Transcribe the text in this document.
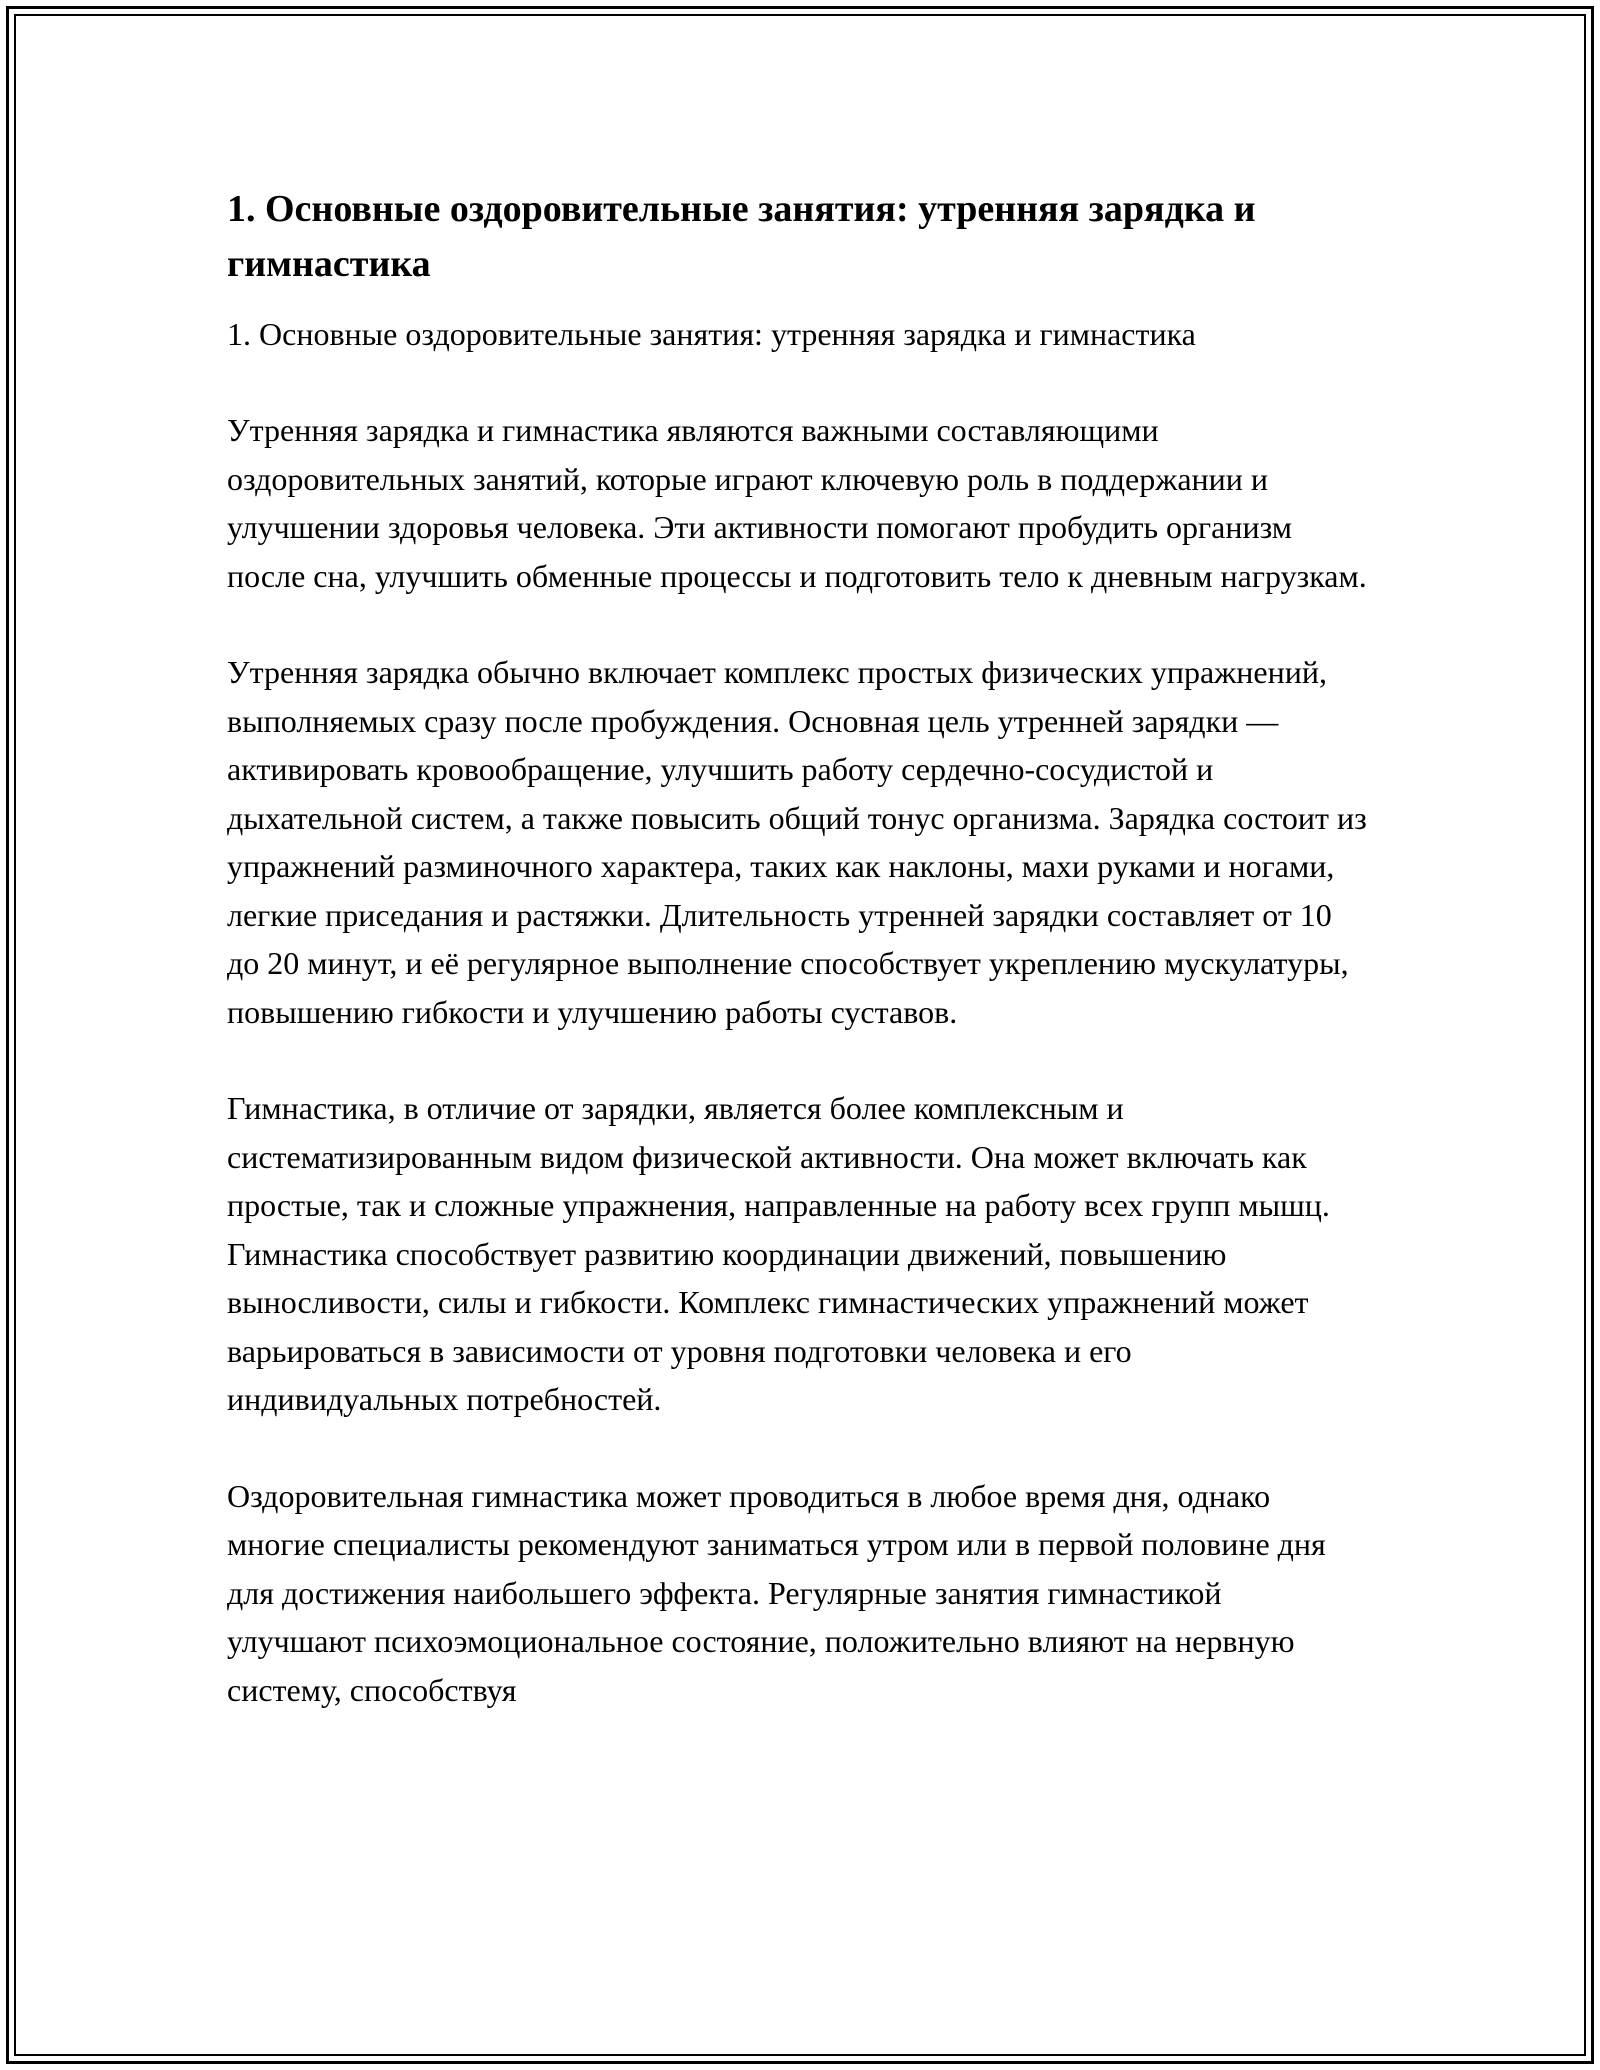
1. Основные оздоровительные занятия: утренняя зарядка и гимнастика

1. Основные оздоровительные занятия: утренняя зарядка и гимнастика

Утренняя зарядка и гимнастика являются важными составляющими оздоровительных занятий, которые играют ключевую роль в поддержании и улучшении здоровья человека. Эти активности помогают пробудить организм после сна, улучшить обменные процессы и подготовить тело к дневным нагрузкам.

Утренняя зарядка обычно включает комплекс простых физических упражнений, выполняемых сразу после пробуждения. Основная цель утренней зарядки — активировать кровообращение, улучшить работу сердечно-сосудистой и дыхательной систем, а также повысить общий тонус организма. Зарядка состоит из упражнений разминочного характера, таких как наклоны, махи руками и ногами, легкие приседания и растяжки. Длительность утренней зарядки составляет от 10 до 20 минут, и её регулярное выполнение способствует укреплению мускулатуры, повышению гибкости и улучшению работы суставов.

Гимнастика, в отличие от зарядки, является более комплексным и систематизированным видом физической активности. Она может включать как простые, так и сложные упражнения, направленные на работу всех групп мышц. Гимнастика способствует развитию координации движений, повышению выносливости, силы и гибкости. Комплекс гимнастических упражнений может варьироваться в зависимости от уровня подготовки человека и его индивидуальных потребностей.

Оздоровительная гимнастика может проводиться в любое время дня, однако многие специалисты рекомендуют заниматься утром или в первой половине дня для достижения наибольшего эффекта. Регулярные занятия гимнастикой улучшают психоэмоциональное состояние, положительно влияют на нервную систему, способствуя
